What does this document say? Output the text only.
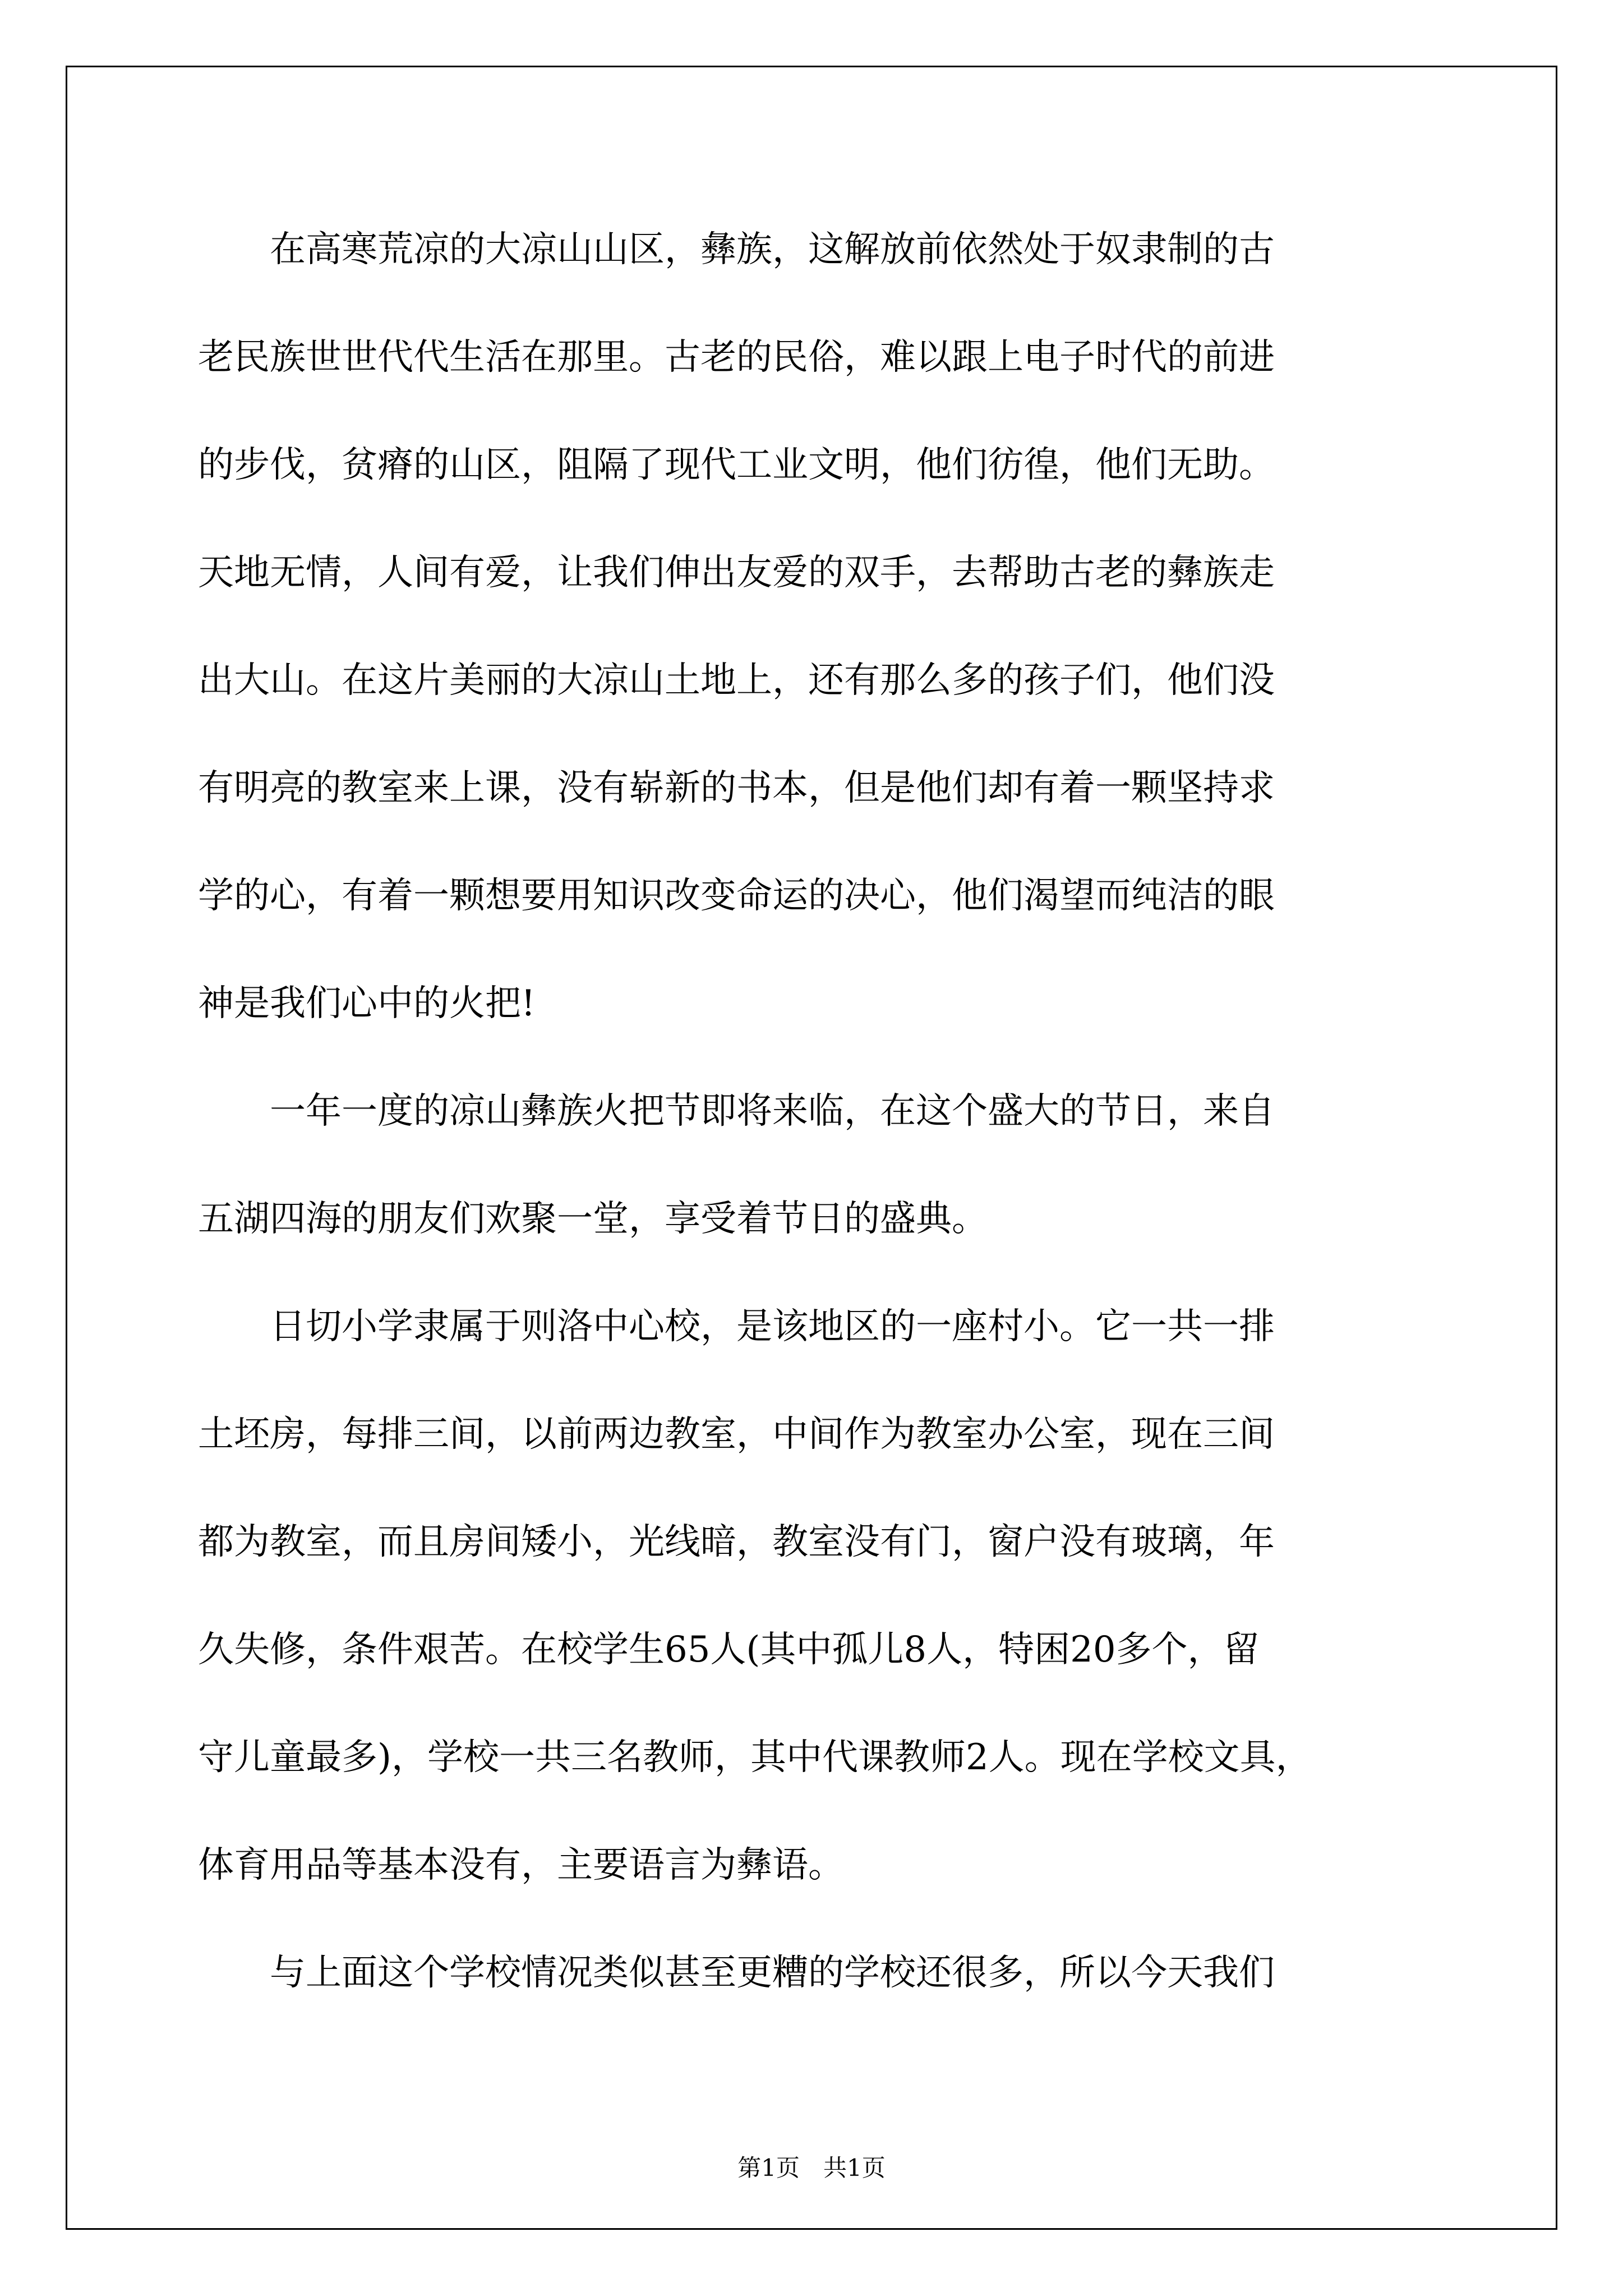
　　在高寒荒凉的大凉山山区，彝族，这解放前依然处于奴隶制的古
老民族世世代代生活在那里。古老的民俗，难以跟上电子时代的前进
的步伐，贫瘠的山区，阻隔了现代工业文明，他们彷徨，他们无助。
天地无情，人间有爱，让我们伸出友爱的双手，去帮助古老的彝族走
出大山。在这片美丽的大凉山土地上，还有那么多的孩子们，他们没
有明亮的教室来上课，没有崭新的书本，但是他们却有着一颗坚持求
学的心，有着一颗想要用知识改变命运的决心，他们渴望而纯洁的眼
神是我们心中的火把!
　　一年一度的凉山彝族火把节即将来临，在这个盛大的节日，来自
五湖四海的朋友们欢聚一堂，享受着节日的盛典。
　　日切小学隶属于则洛中心校，是该地区的一座村小。它一共一排
土坯房，每排三间，以前两边教室，中间作为教室办公室，现在三间
都为教室，而且房间矮小，光线暗，教室没有门，窗户没有玻璃，年
久失修，条件艰苦。在校学生65人(其中孤儿8人，特困20多个，留
守儿童最多)，学校一共三名教师，其中代课教师2人。现在学校文具，
体育用品等基本没有，主要语言为彝语。
　　与上面这个学校情况类似甚至更糟的学校还很多，所以今天我们
第1页　共1页
